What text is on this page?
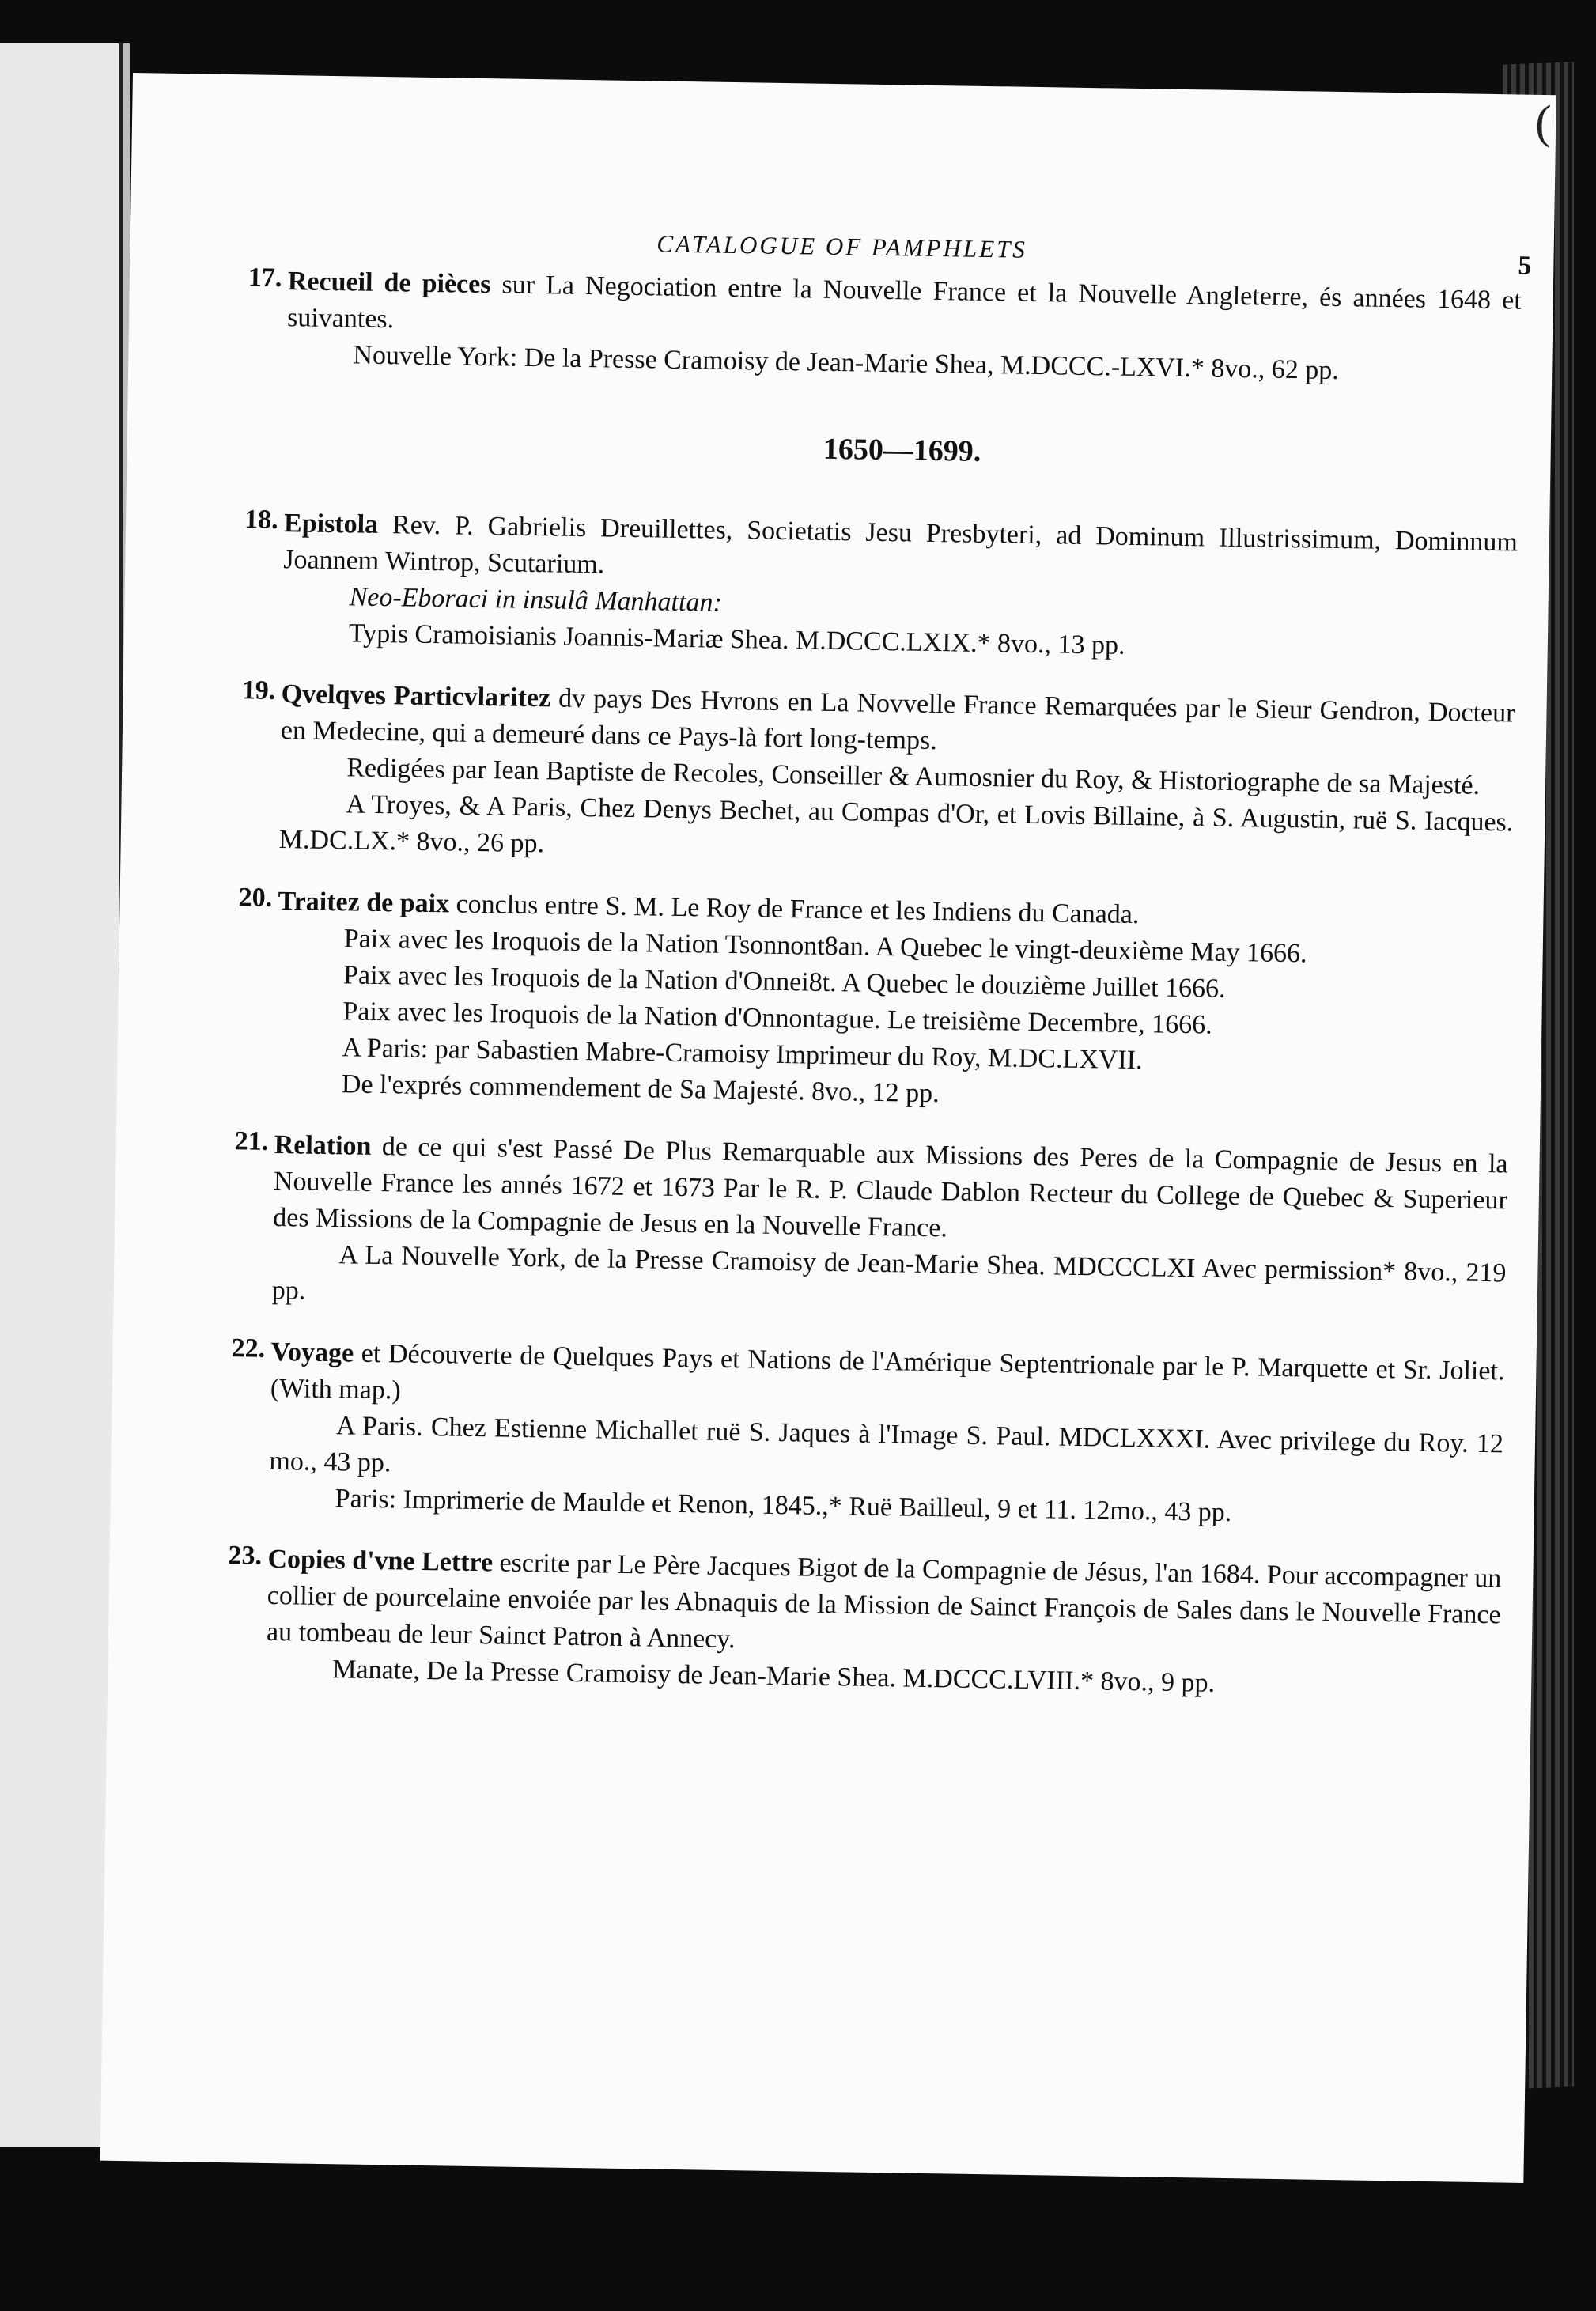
(
CATALOGUE OF PAMPHLETS
5
17. Recueil de pièces sur La Negociation entre la Nouvelle France et la Nouvelle Angleterre, és années 1648 et suivantes.
Nouvelle York: De la Presse Cramoisy de Jean-Marie Shea, M.DCCC.-LXVI.* 8vo., 62 pp.
1650—1699.
18. Epistola Rev. P. Gabrielis Dreuillettes, Societatis Jesu Presbyteri, ad Dominum Illustrissimum, Dominnum Joannem Wintrop, Scutarium.
Neo-Eboraci in insulâ Manhattan:
Typis Cramoisianis Joannis-Mariæ Shea. M.DCCC.LXIX.* 8vo., 13 pp.
19. Qvelqves Particvlaritez dv pays Des Hvrons en La Novvelle France Remarquées par le Sieur Gendron, Docteur en Medecine, qui a demeuré dans ce Pays-là fort long-temps.
Redigées par Iean Baptiste de Recoles, Conseiller & Aumosnier du Roy, & Historiographe de sa Majesté.
A Troyes, & A Paris, Chez Denys Bechet, au Compas d'Or, et Lovis Billaine, à S. Augustin, ruë S. Iacques. M.DC.LX.* 8vo., 26 pp.
20. Traitez de paix conclus entre S. M. Le Roy de France et les Indiens du Canada.
Paix avec les Iroquois de la Nation Tsonnont8an. A Quebec le vingt-deuxième May 1666.
Paix avec les Iroquois de la Nation d'Onnei8t. A Quebec le douzième Juillet 1666.
Paix avec les Iroquois de la Nation d'Onnontague. Le treisième Decembre, 1666.
A Paris: par Sabastien Mabre-Cramoisy Imprimeur du Roy, M.DC.LXVII.
De l'exprés commendement de Sa Majesté. 8vo., 12 pp.
21. Relation de ce qui s'est Passé De Plus Remarquable aux Missions des Peres de la Compagnie de Jesus en la Nouvelle France les annés 1672 et 1673 Par le R. P. Claude Dablon Recteur du College de Quebec & Superieur des Missions de la Compagnie de Jesus en la Nouvelle France.
A La Nouvelle York, de la Presse Cramoisy de Jean-Marie Shea. MDCCCLXI Avec permission* 8vo., 219 pp.
22. Voyage et Découverte de Quelques Pays et Nations de l'Amérique Septentrionale par le P. Marquette et Sr. Joliet. (With map.)
A Paris. Chez Estienne Michallet ruë S. Jaques à l'Image S. Paul. MDCLXXXI. Avec privilege du Roy. 12 mo., 43 pp.
Paris: Imprimerie de Maulde et Renon, 1845.,* Ruë Bailleul, 9 et 11. 12mo., 43 pp.
23. Copies d'vne Lettre escrite par Le Père Jacques Bigot de la Compagnie de Jésus, l'an 1684. Pour accompagner un collier de pourcelaine envoiée par les Abnaquis de la Mission de Sainct François de Sales dans le Nouvelle France au tombeau de leur Sainct Patron à Annecy.
Manate, De la Presse Cramoisy de Jean-Marie Shea. M.DCCC.LVIII.* 8vo., 9 pp.
